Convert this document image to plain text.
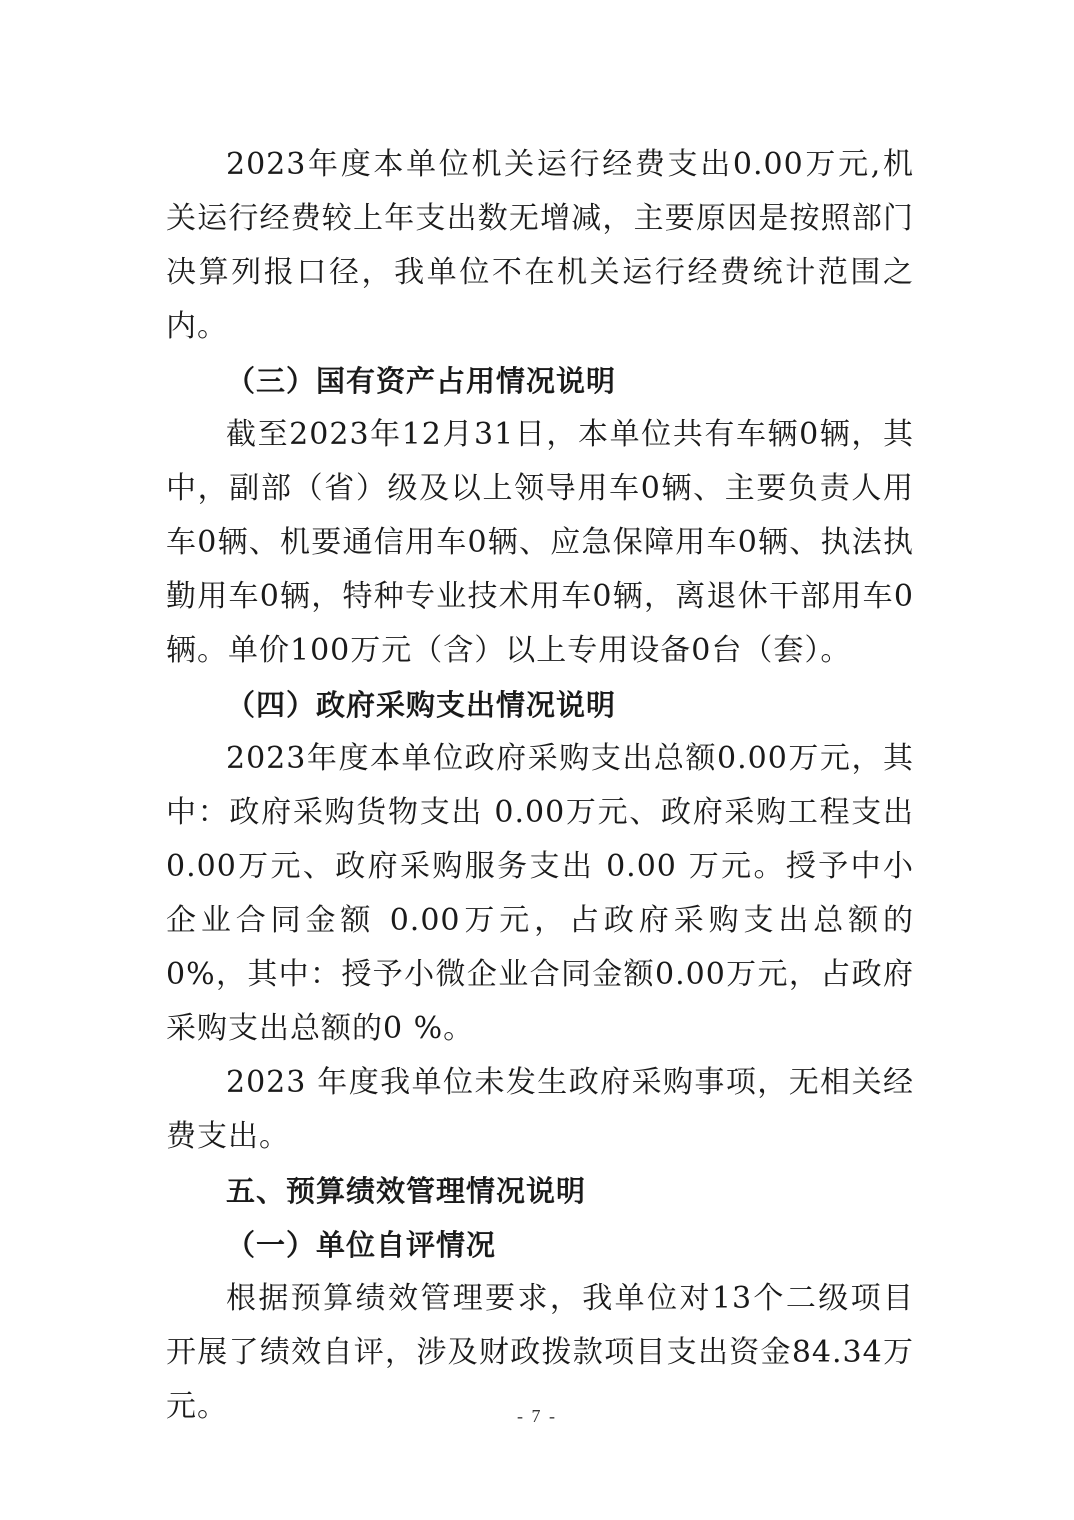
2023年度本单位机关运行经费支出0.00万元,机关运行经费较上年支出数无增减，主要原因是按照部门决算列报口径，我单位不在机关运行经费统计范围之内。

（三）国有资产占用情况说明

截至2023年12月31日，本单位共有车辆0辆，其中，副部（省）级及以上领导用车0辆、主要负责人用车0辆、机要通信用车0辆、应急保障用车0辆、执法执勤用车0辆，特种专业技术用车0辆，离退休干部用车0辆。单价100万元（含）以上专用设备0台（套）。

（四）政府采购支出情况说明

2023年度本单位政府采购支出总额0.00万元，其中：政府采购货物支出 0.00万元、政府采购工程支出 0.00万元、政府采购服务支出 0.00 万元。授予中小企业合同金额 0.00万元，占政府采购支出总额的0%，其中：授予小微企业合同金额0.00万元，占政府采购支出总额的0 %。

2023 年度我单位未发生政府采购事项，无相关经费支出。

五、预算绩效管理情况说明

（一）单位自评情况

根据预算绩效管理要求，我单位对13个二级项目开展了绩效自评，涉及财政拨款项目支出资金84.34万元。	- 7 -
